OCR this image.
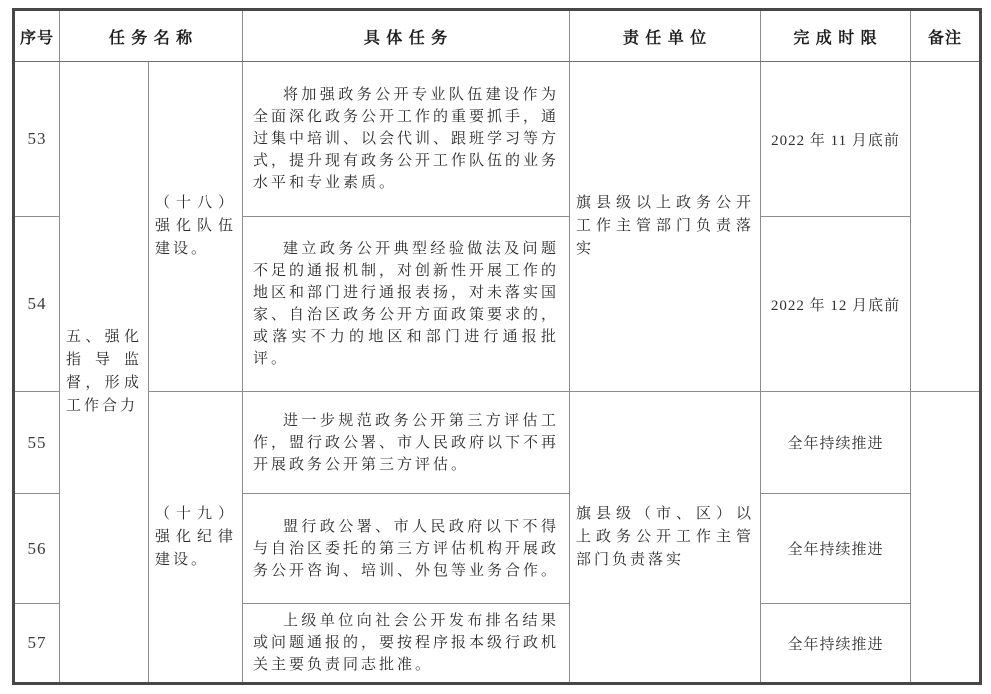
序号	任 务 名 称		具 体 任 务	责 任 单 位	完 成 时 限	备注
53	五、强化指导监督，形成工作合力	（十八）强化队伍建设。	将加强政务公开专业队伍建设作为全面深化政务公开工作的重要抓手，通过集中培训、以会代训、跟班学习等方式，提升现有政务公开工作队伍的业务水平和专业素质。	旗县级以上政务公开工作主管部门负责落实	2022 年 11 月底前	
54			建立政务公开典型经验做法及问题不足的通报机制，对创新性开展工作的地区和部门进行通报表扬，对未落实国家、自治区政务公开方面政策要求的，或落实不力的地区和部门进行通报批评。		2022 年 12 月底前	
55		（十九）强化纪律建设。	进一步规范政务公开第三方评估工作，盟行政公署、市人民政府以下不再开展政务公开第三方评估。	旗县级（市、区）以上政务公开工作主管部门负责落实	全年持续推进	
56			盟行政公署、市人民政府以下不得与自治区委托的第三方评估机构开展政务公开咨询、培训、外包等业务合作。		全年持续推进	
57			上级单位向社会公开发布排名结果或问题通报的，要按程序报本级行政机关主要负责同志批准。		全年持续推进	
